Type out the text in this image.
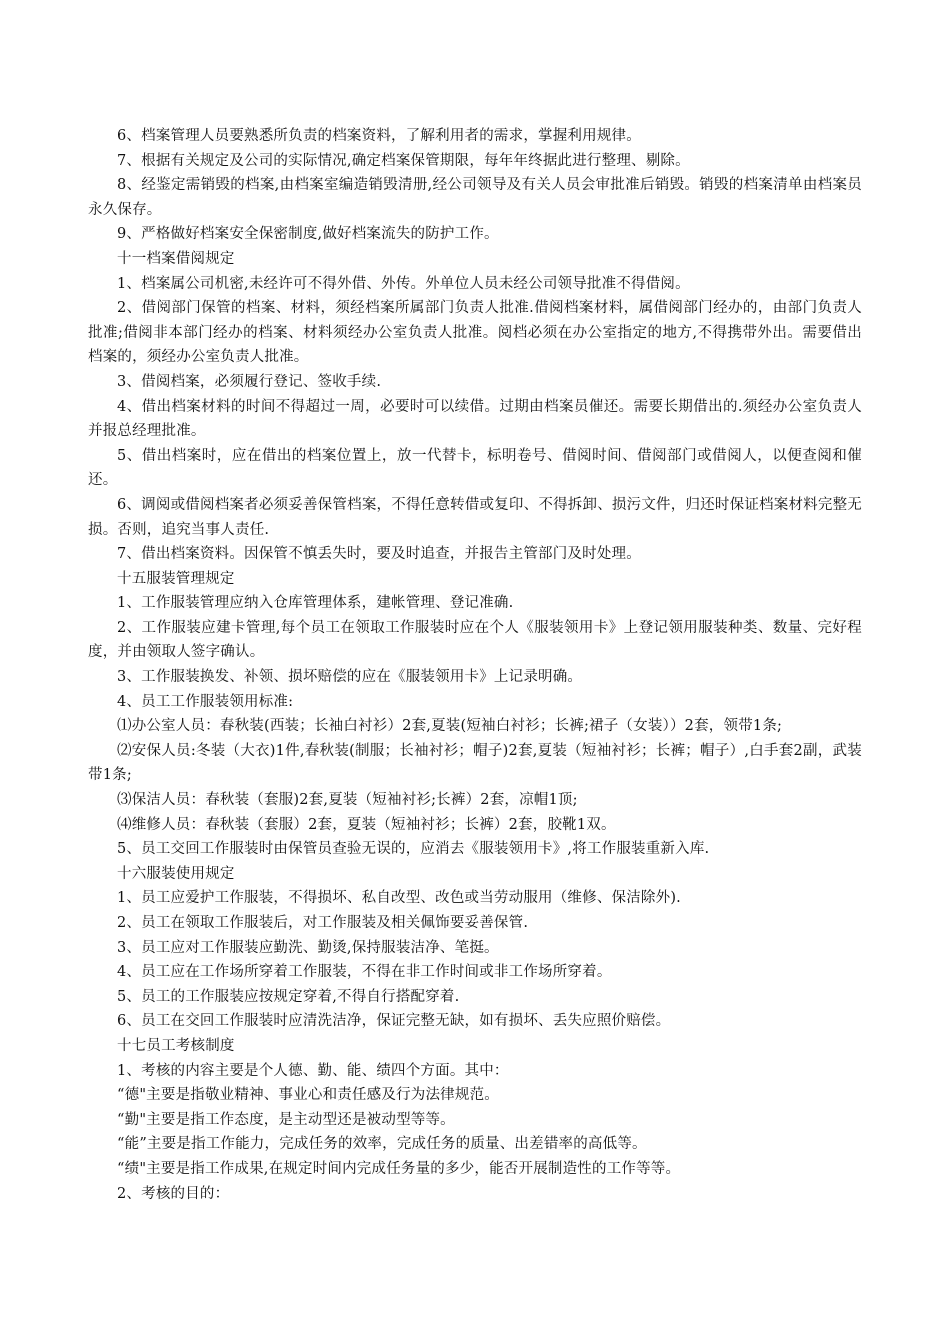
6、档案管理人员要熟悉所负责的档案资料，了解利用者的需求，掌握利用规律。

7、根据有关规定及公司的实际情况,确定档案保管期限，每年年终据此进行整理、剔除。

8、经鉴定需销毁的档案,由档案室编造销毁清册,经公司领导及有关人员会审批准后销毁。销毁的档案清单由档案员永久保存。

9、严格做好档案安全保密制度,做好档案流失的防护工作。

十一档案借阅规定

1、档案属公司机密,未经许可不得外借、外传。外单位人员未经公司领导批准不得借阅。

2、借阅部门保管的档案、材料，须经档案所属部门负责人批准.借阅档案材料，属借阅部门经办的，由部门负责人批准;借阅非本部门经办的档案、材料须经办公室负责人批准。阅档必须在办公室指定的地方,不得携带外出。需要借出档案的，须经办公室负责人批准。

3、借阅档案，必须履行登记、签收手续.

4、借出档案材料的时间不得超过一周，必要时可以续借。过期由档案员催还。需要长期借出的.须经办公室负责人并报总经理批准。

5、借出档案时，应在借出的档案位置上，放一代替卡，标明卷号、借阅时间、借阅部门或借阅人，以便查阅和催还。

6、调阅或借阅档案者必须妥善保管档案，不得任意转借或复印、不得拆卸、损污文件，归还时保证档案材料完整无损。否则，追究当事人责任.

7、借出档案资料。因保管不慎丢失时，要及时追查，并报告主管部门及时处理。

十五服装管理规定

1、工作服装管理应纳入仓库管理体系，建帐管理、登记准确.

2、工作服装应建卡管理,每个员工在领取工作服装时应在个人《服装领用卡》上登记领用服装种类、数量、完好程度，并由领取人签字确认。

3、工作服装换发、补领、损坏赔偿的应在《服装领用卡》上记录明确。

4、员工工作服装领用标准:

⑴办公室人员：春秋装(西装；长袖白衬衫）2套,夏装(短袖白衬衫；长裤;裙子（女装））2套，领带1条;

⑵安保人员:冬装（大衣)1件,春秋装(制服；长袖衬衫；帽子)2套,夏装（短袖衬衫；长裤；帽子）,白手套2副，武装带1条;

⑶保洁人员：春秋装（套服)2套,夏装（短袖衬衫;长裤）2套，凉帽1顶;

⑷维修人员：春秋装（套服）2套，夏装（短袖衬衫；长裤）2套，胶靴1双。

5、员工交回工作服装时由保管员查验无误的，应消去《服装领用卡》,将工作服装重新入库.

十六服装使用规定

1、员工应爱护工作服装，不得损坏、私自改型、改色或当劳动服用（维修、保洁除外).

2、员工在领取工作服装后，对工作服装及相关佩饰要妥善保管.

3、员工应对工作服装应勤洗、勤烫,保持服装洁净、笔挺。

4、员工应在工作场所穿着工作服装，不得在非工作时间或非工作场所穿着。

5、员工的工作服装应按规定穿着,不得自行搭配穿着.

6、员工在交回工作服装时应清洗洁净，保证完整无缺，如有损坏、丢失应照价赔偿。

十七员工考核制度

1、考核的内容主要是个人德、勤、能、绩四个方面。其中：

“德"主要是指敬业精神、事业心和责任感及行为法律规范。

“勤"主要是指工作态度，是主动型还是被动型等等。

“能”主要是指工作能力，完成任务的效率，完成任务的质量、出差错率的高低等。

“绩"主要是指工作成果,在规定时间内完成任务量的多少，能否开展制造性的工作等等。

2、考核的目的：
